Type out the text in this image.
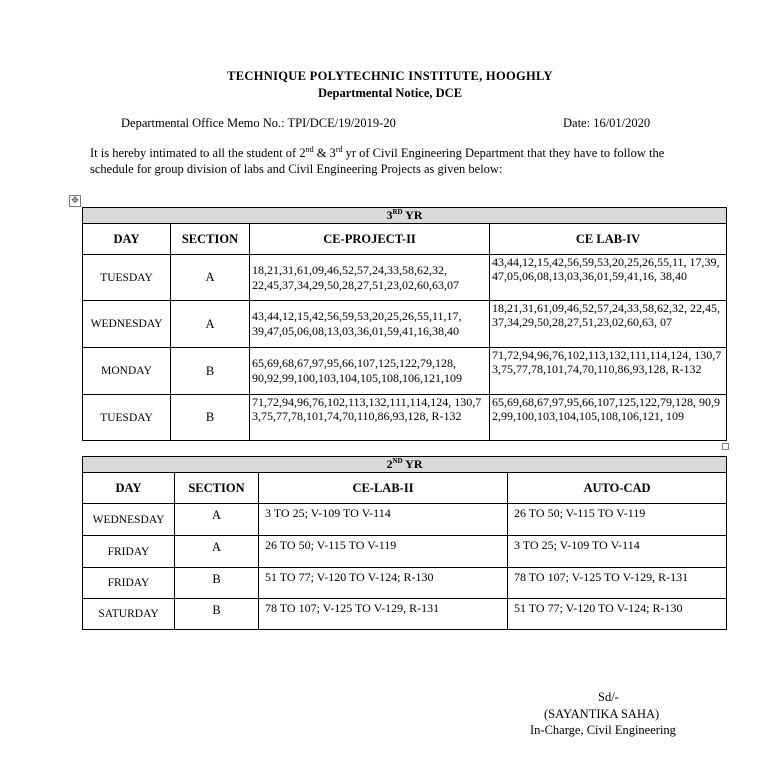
TECHNIQUE POLYTECHNIC INSTITUTE, HOOGHLY
Departmental Notice, DCE
Departmental Office Memo No.: TPI/DCE/19/2019-20	Date: 16/01/2020
It is hereby intimated to all the student of 2nd & 3rd yr of Civil Engineering Department that they have to follow the schedule for group division of labs and Civil Engineering Projects as given below:
✥
3RD YR			
DAY	SECTION	CE-PROJECT-II	CE LAB-IV
TUESDAY	A	18,21,31,61,09,46,52,57,24,33,58,62,32, 22,45,37,34,29,50,28,27,51,23,02,60,63,07	43,44,12,15,42,56,59,53,20,25,26,55,11, 17,39,47,05,06,08,13,03,36,01,59,41,16, 38,40
WEDNESDAY	A	43,44,12,15,42,56,59,53,20,25,26,55,11,17, 39,47,05,06,08,13,03,36,01,59,41,16,38,40	18,21,31,61,09,46,52,57,24,33,58,62,32, 22,45,37,34,29,50,28,27,51,23,02,60,63, 07
MONDAY	B	65,69,68,67,97,95,66,107,125,122,79,128, 90,92,99,100,103,104,105,108,106,121,109	71,72,94,96,76,102,113,132,111,114,124, 130,73,75,77,78,101,74,70,110,86,93,128, R-132
TUESDAY	B	71,72,94,96,76,102,113,132,111,114,124, 130,73,75,77,78,101,74,70,110,86,93,128, R-132	65,69,68,67,97,95,66,107,125,122,79,128, 90,92,99,100,103,104,105,108,106,121, 109
2ND YR			
DAY	SECTION	CE-LAB-II	AUTO-CAD
WEDNESDAY	A	3 TO 25; V-109 TO V-114	26 TO 50; V-115 TO V-119
FRIDAY	A	26 TO 50; V-115 TO V-119	3 TO 25; V-109 TO V-114
FRIDAY	B	51 TO 77; V-120 TO V-124; R-130	78 TO 107; V-125 TO V-129, R-131
SATURDAY	B	78 TO 107; V-125 TO V-129, R-131	51 TO 77; V-120 TO V-124; R-130
Sd/-
(SAYANTIKA SAHA)
In-Charge, Civil Engineering
